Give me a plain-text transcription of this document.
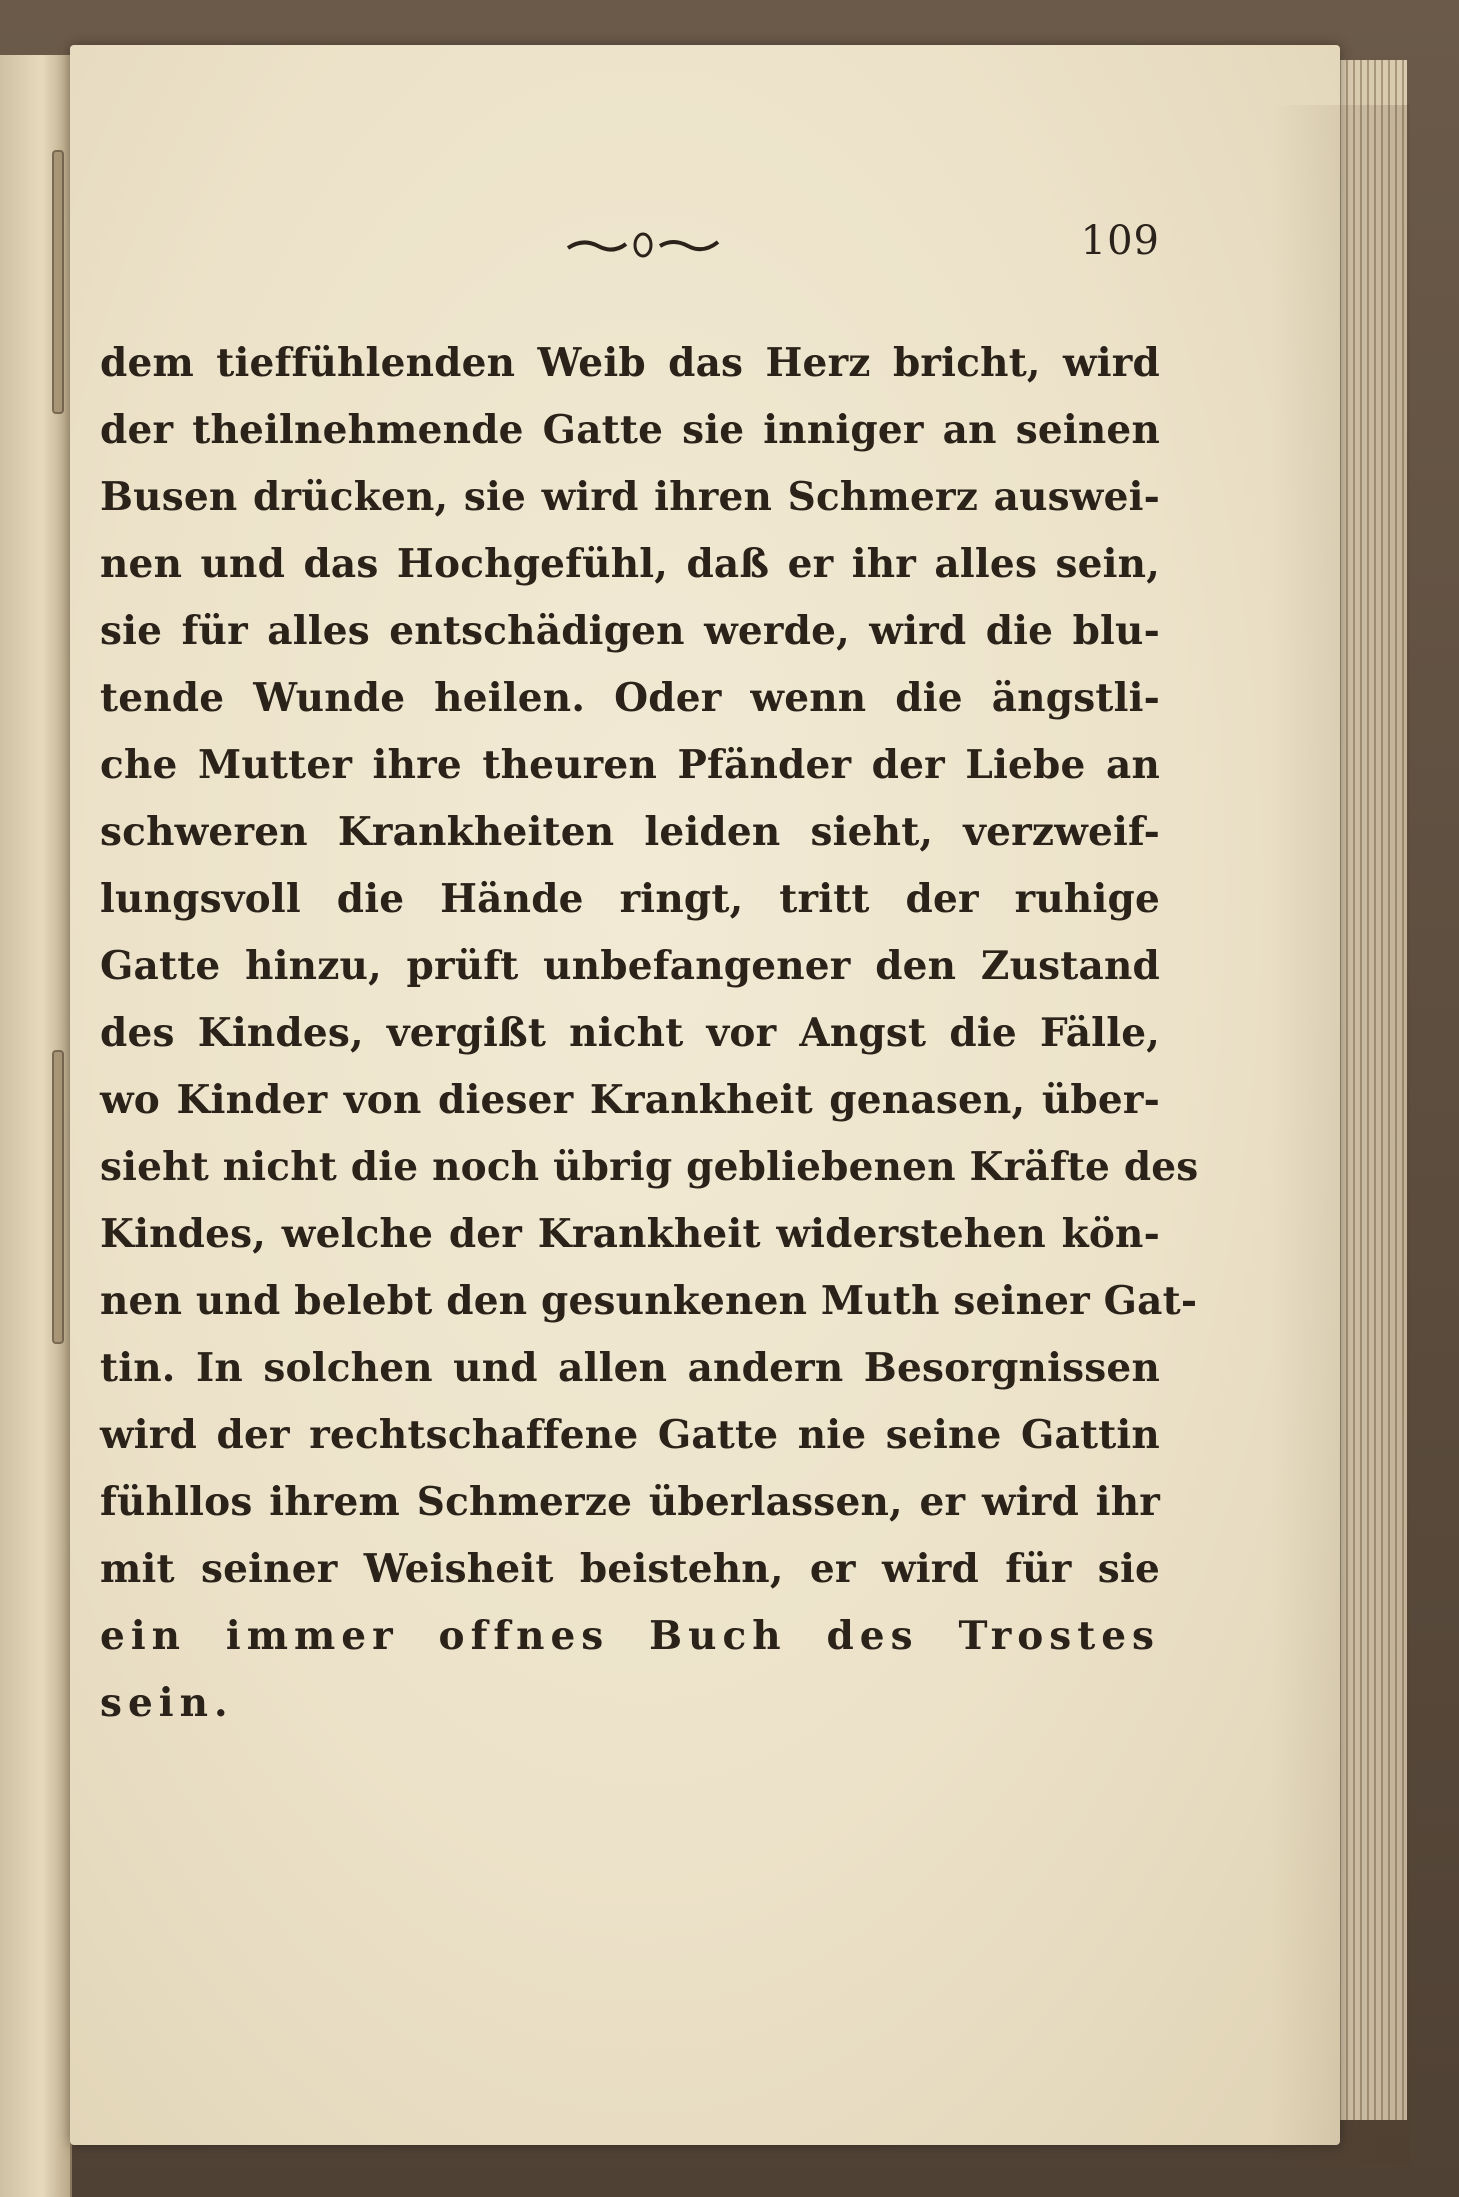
109
dem tieffühlenden Weib das Herz bricht, wird
der theilnehmende Gatte sie inniger an seinen
Busen drücken, sie wird ihren Schmerz auswei-
nen und das Hochgefühl, daß er ihr alles sein,
sie für alles entschädigen werde, wird die blu-
tende Wunde heilen. Oder wenn die ängstli-
che Mutter ihre theuren Pfänder der Liebe an
schweren Krankheiten leiden sieht, verzweif-
lungsvoll die Hände ringt, tritt der ruhige
Gatte hinzu, prüft unbefangener den Zustand
des Kindes, vergißt nicht vor Angst die Fälle,
wo Kinder von dieser Krankheit genasen, über-
sieht nicht die noch übrig gebliebenen Kräfte des
Kindes, welche der Krankheit widerstehen kön-
nen und belebt den gesunkenen Muth seiner Gat-
tin. In solchen und allen andern Besorgnissen
wird der rechtschaffene Gatte nie seine Gattin
fühllos ihrem Schmerze überlassen, er wird ihr
mit seiner Weisheit beistehn, er wird für sie
ein immer offnes Buch des Trostes
sein.
